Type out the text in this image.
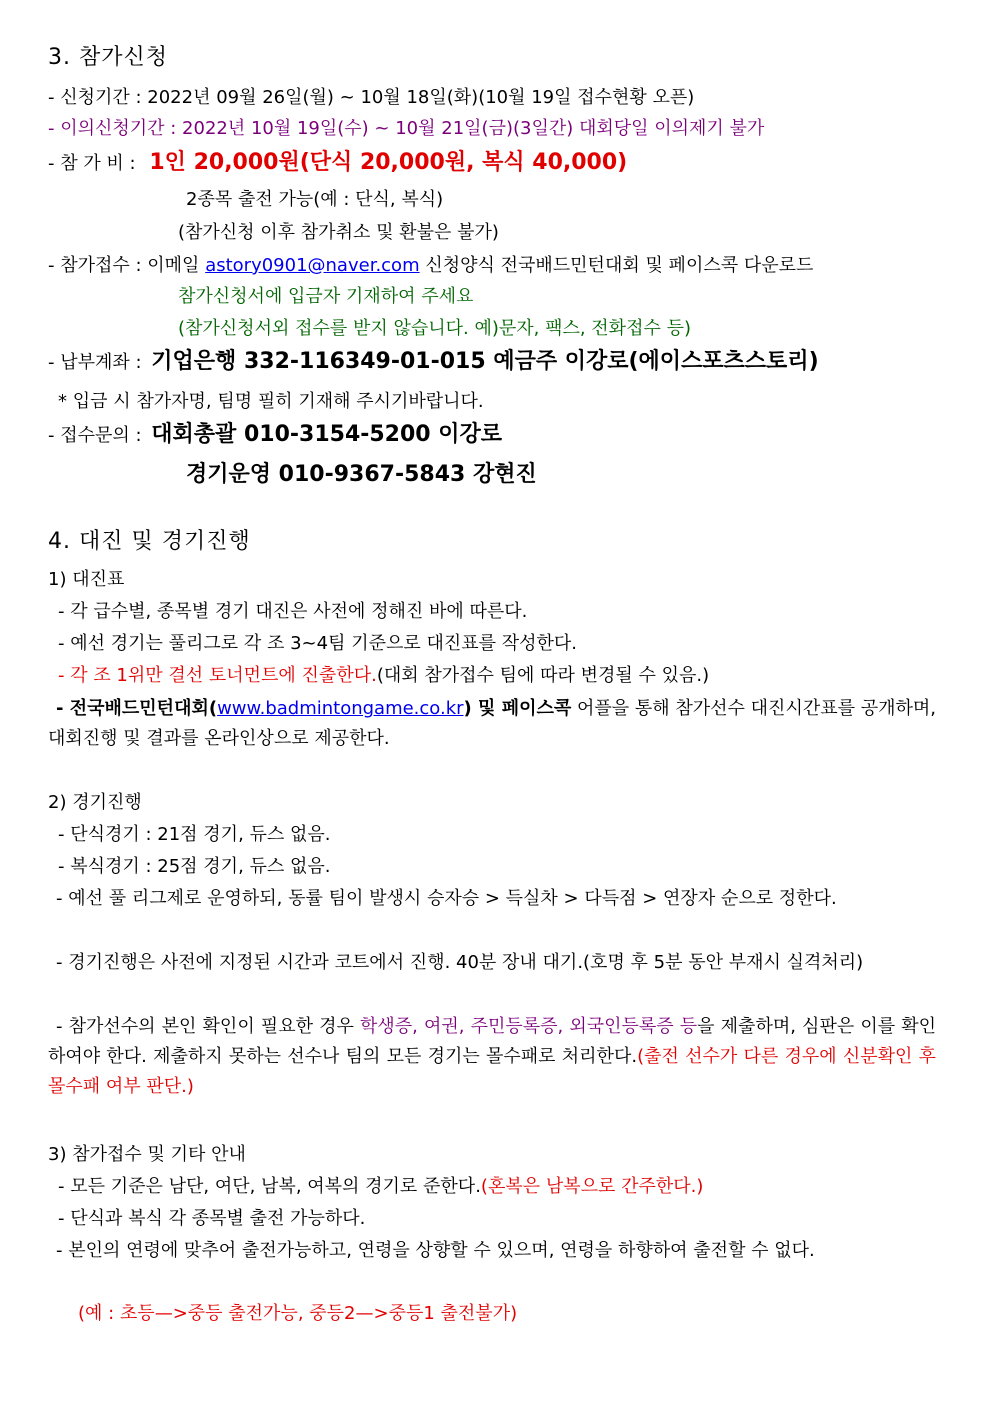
3. 참가신청
- 신청기간 : 2022년 09월 26일(월) ~ 10월 18일(화)(10월 19일 접수현황 오픈)
- 이의신청기간 : 2022년 10월 19일(수) ~ 10월 21일(금)(3일간) 대회당일 이의제기 불가
- 참 가 비 : 1인 20,000원(단식 20,000원, 복식 40,000)
2종목 출전 가능(예 : 단식, 복식)
(참가신청 이후 참가취소 및 환불은 불가)
- 참가접수 : 이메일 astory0901@naver.com 신청양식 전국배드민턴대회 및 페이스콕 다운로드
참가신청서에 입금자 기재하여 주세요
(참가신청서외 접수를 받지 않습니다. 예)문자, 팩스, 전화접수 등)
- 납부계좌 : 기업은행 332-116349-01-015 예금주 이강로(에이스포츠스토리)
* 입금 시 참가자명, 팀명 필히 기재해 주시기바랍니다.
- 접수문의 : 대회총괄 010-3154-5200 이강로
경기운영 010-9367-5843 강현진
4. 대진 및 경기진행
1) 대진표
- 각 급수별, 종목별 경기 대진은 사전에 정해진 바에 따른다.
- 예선 경기는 풀리그로 각 조 3~4팀 기준으로 대진표를 작성한다.
- 각 조 1위만 결선 토너먼트에 진출한다.(대회 참가접수 팀에 따라 변경될 수 있음.)
- 전국배드민턴대회(www.badmintongame.co.kr) 및 페이스콕 어플을 통해 참가선수 대진시간표를 공개하며, 대회진행 및 결과를 온라인상으로 제공한다.
2) 경기진행
- 단식경기 : 21점 경기, 듀스 없음.
- 복식경기 : 25점 경기, 듀스 없음.
- 예선 풀 리그제로 운영하되, 동률 팀이 발생시 승자승 > 득실차 > 다득점 > 연장자 순으로 정한다.
- 경기진행은 사전에 지정된 시간과 코트에서 진행. 40분 장내 대기.(호명 후 5분 동안 부재시 실격처리)
- 참가선수의 본인 확인이 필요한 경우 학생증, 여권, 주민등록증, 외국인등록증 등을 제출하며, 심판은 이를 확인하여야 한다. 제출하지 못하는 선수나 팀의 모든 경기는 몰수패로 처리한다.(출전 선수가 다른 경우에 신분확인 후 몰수패 여부 판단.)
3) 참가접수 및 기타 안내
- 모든 기준은 남단, 여단, 남복, 여복의 경기로 준한다.(혼복은 남복으로 간주한다.)
- 단식과 복식 각 종목별 출전 가능하다.
- 본인의 연령에 맞추어 출전가능하고, 연령을 상향할 수 있으며, 연령을 하향하여 출전할 수 없다.
(예 : 초등—>중등 출전가능, 중등2—>중등1 출전불가)
